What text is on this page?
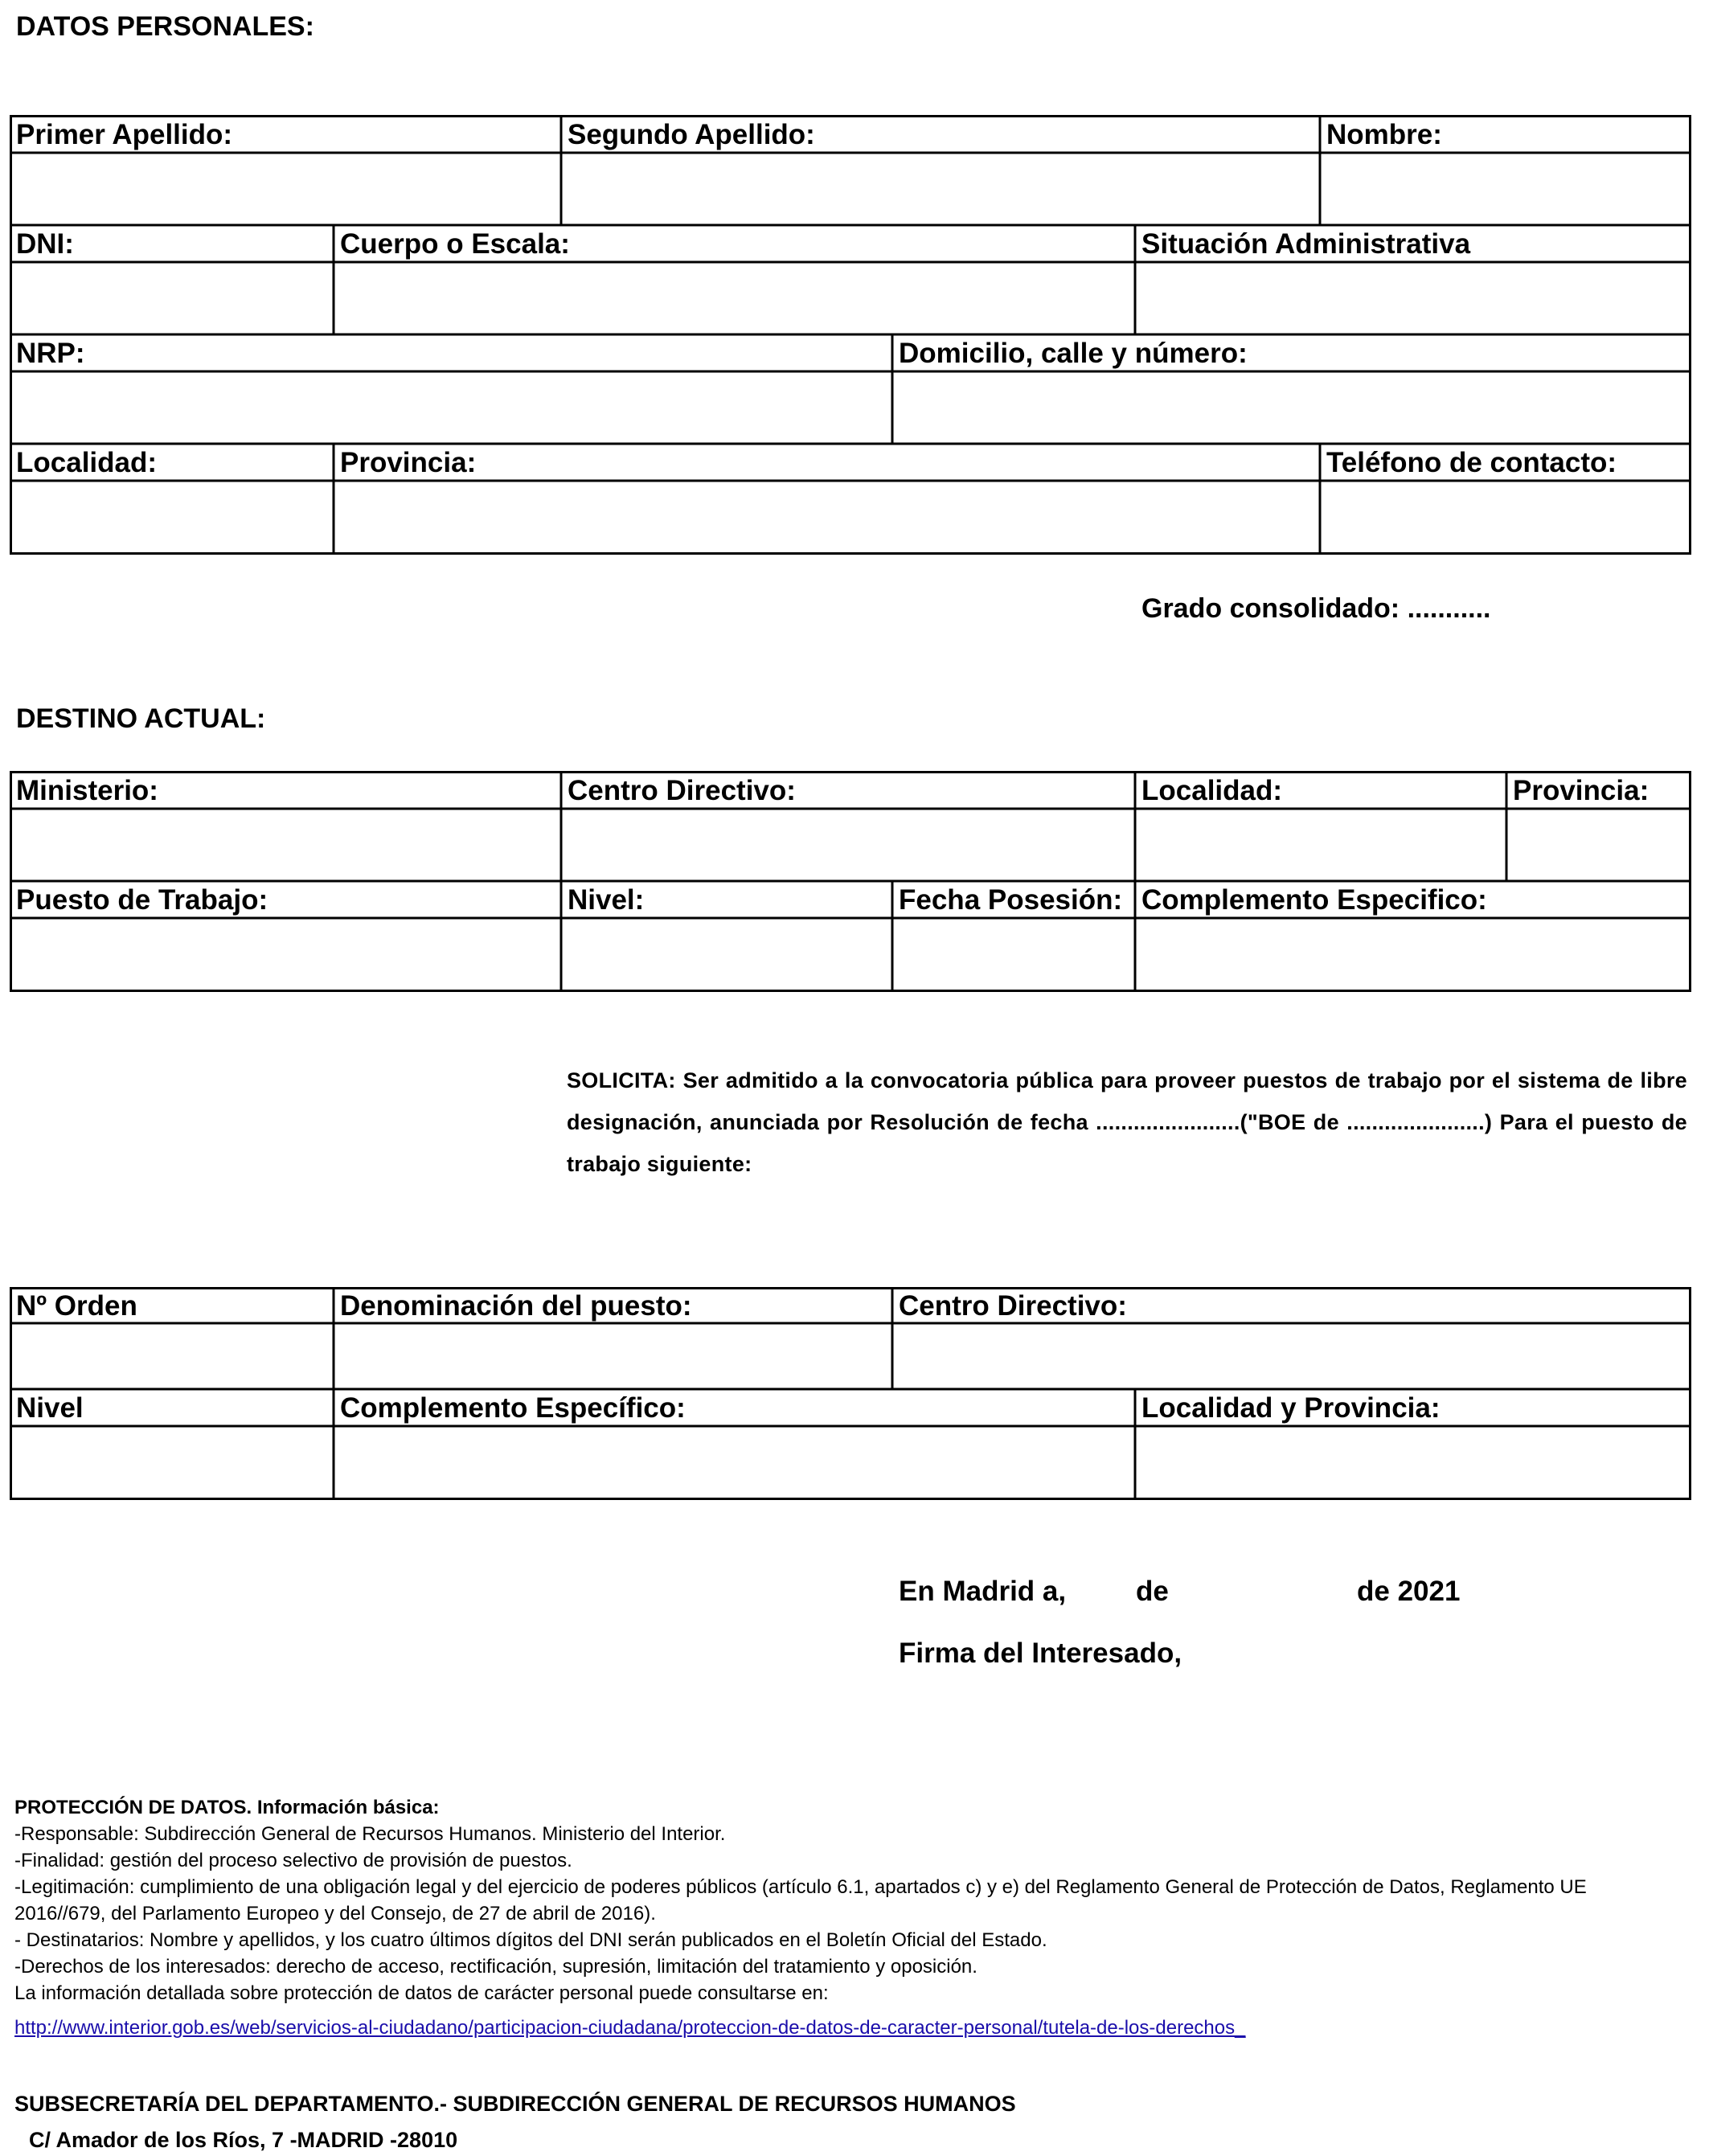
DATOS PERSONALES:
Primer Apellido:	Segundo Apellido:	Nombre:
DNI:	Cuerpo o Escala:	Situación Administrativa
NRP:	Domicilio, calle y número:
Localidad:	Provincia:	Teléfono de contacto:
Grado consolidado: ...........
DESTINO ACTUAL:
Ministerio:	Centro Directivo:	Localidad:	Provincia:
Puesto de Trabajo:	Nivel:	Fecha Posesión: Complemento Especifico:
SOLICITA: Ser admitido a la convocatoria pública para proveer puestos de trabajo por el sistema de libre designación, anunciada por Resolución de fecha .......................("BOE de ......................) Para el puesto de trabajo siguiente:
Nº Orden	Denominación del puesto:	Centro Directivo:
Nivel	Complemento Específico:	Localidad y Provincia:
En Madrid a, de	de 2021
Firma del Interesado,
PROTECCIÓN DE DATOS. Información básica:
-Responsable: Subdirección General de Recursos Humanos. Ministerio del Interior.
-Finalidad: gestión del proceso selectivo de provisión de puestos.
-Legitimación: cumplimiento de una obligación legal y del ejercicio de poderes públicos (artículo 6.1, apartados c) y e) del Reglamento General de Protección de Datos, Reglamento UE
2016//679, del Parlamento Europeo y del Consejo, de 27 de abril de 2016).
- Destinatarios: Nombre y apellidos, y los cuatro últimos dígitos del DNI serán publicados en el Boletín Oficial del Estado.
-Derechos de los interesados: derecho de acceso, rectificación, supresión, limitación del tratamiento y oposición.
La información detallada sobre protección de datos de carácter personal puede consultarse en:
http://www.interior.gob.es/web/servicios-al-ciudadano/participacion-ciudadana/proteccion-de-datos-de-caracter-personal/tutela-de-los-derechos_
SUBSECRETARÍA DEL DEPARTAMENTO.- SUBDIRECCIÓN GENERAL DE RECURSOS HUMANOS
C/ Amador de los Ríos, 7 -MADRID -28010
